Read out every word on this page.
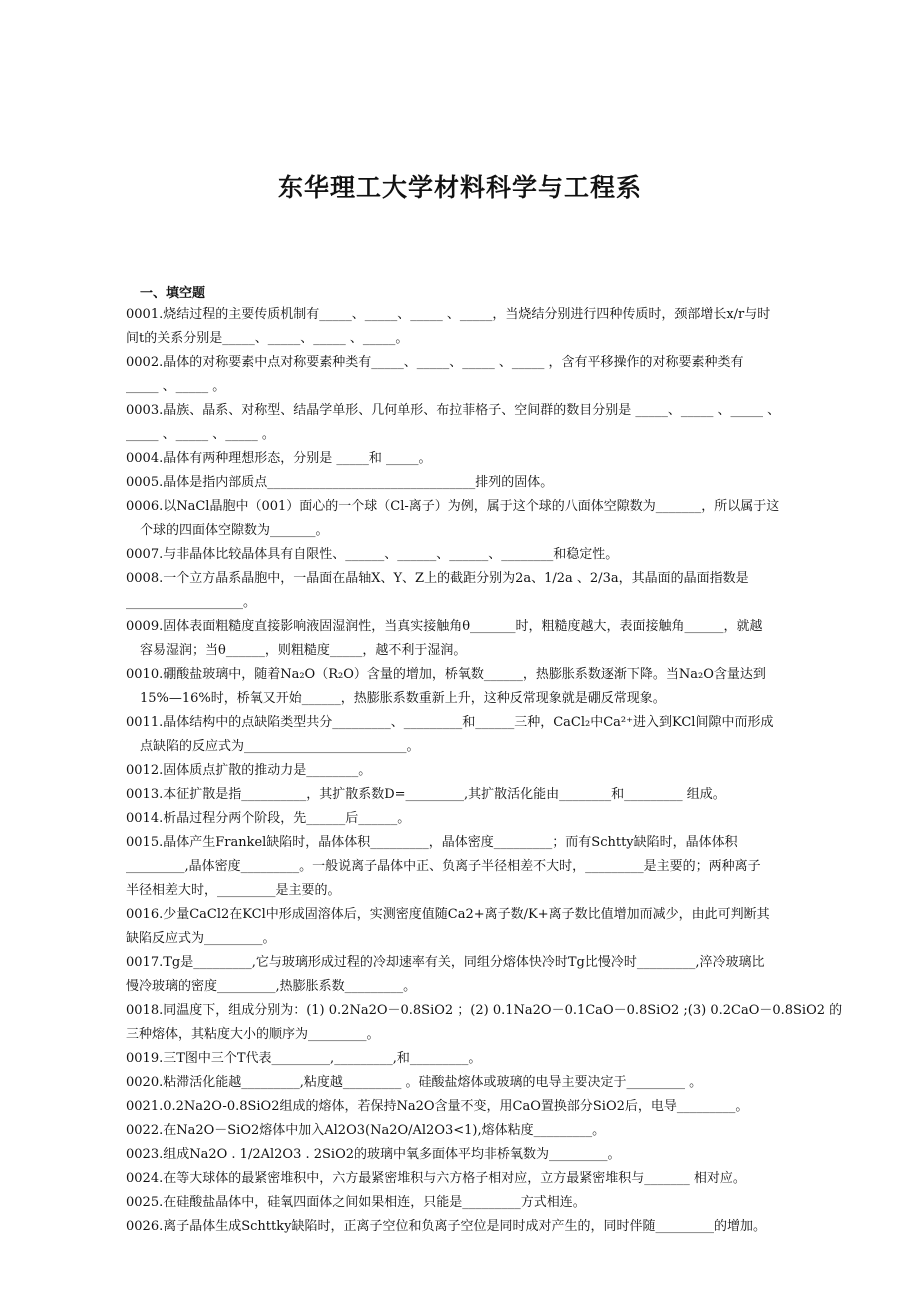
东华理工大学材料科学与工程系
一、填空题

0001.烧结过程的主要传质机制有_____、_____、_____ 、_____，当烧结分别进行四种传质时，颈部增长x/r与时
间t的关系分别是_____、_____、_____ 、_____。

0002.晶体的对称要素中点对称要素种类有_____、_____、_____ 、_____ ，含有平移操作的对称要素种类有
_____ 、_____ 。

0003.晶族、晶系、对称型、结晶学单形、几何单形、布拉菲格子、空间群的数目分别是 _____、_____ 、_____ 、
_____ 、_____ 、_____ 。

0004.晶体有两种理想形态，分别是 _____和 _____。

0005.晶体是指内部质点________________________________排列的固体。

0006.以NaCl晶胞中（001）面心的一个球（Cl-离子）为例，属于这个球的八面体空隙数为_______，所以属于这
个球的四面体空隙数为_______。

0007.与非晶体比较晶体具有自限性、______、______、______、________和稳定性。

0008.一个立方晶系晶胞中，一晶面在晶轴X、Y、Z上的截距分别为2a、1/2a 、2/3a，其晶面的晶面指数是__________________。

0009.固体表面粗糙度直接影响液固湿润性，当真实接触角θ_______时，粗糙度越大，表面接触角______，就越
容易湿润；当θ______，则粗糙度_____，越不利于湿润。

0010.硼酸盐玻璃中，随着Na₂O（R₂O）含量的增加，桥氧数______，热膨胀系数逐渐下降。当Na₂O含量达到
15%—16%时，桥氧又开始______，热膨胀系数重新上升，这种反常现象就是硼反常现象。

0011.晶体结构中的点缺陷类型共分_________、_________和______三种，CaCl₂中Ca²⁺进入到KCl间隙中而形成
点缺陷的反应式为_________________________。

0012.固体质点扩散的推动力是________。

0013.本征扩散是指__________，其扩散系数D=_________,其扩散活化能由________和_________ 组成。

0014.析晶过程分两个阶段，先______后______。

0015.晶体产生Frankel缺陷时，晶体体积_________，晶体密度_________；而有Schtty缺陷时，晶体体积
_________,晶体密度_________。一般说离子晶体中正、负离子半径相差不大时，_________是主要的；两种离子
半径相差大时，_________是主要的。

0016.少量CaCl2在KCl中形成固溶体后，实测密度值随Ca2+离子数/K+离子数比值增加而减少，由此可判断其
缺陷反应式为_________。

0017.Tg是_________,它与玻璃形成过程的冷却速率有关，同组分熔体快冷时Tg比慢冷时_________,淬冷玻璃比
慢冷玻璃的密度_________,热膨胀系数_________。

0018.同温度下，组成分别为：(1) 0.2Na2O－0.8SiO2 ；(2) 0.1Na2O－0.1CaO－0.8SiO2 ;(3) 0.2CaO－0.8SiO2 的
三种熔体，其粘度大小的顺序为_________。

0019.三T图中三个T代表_________,_________,和_________。

0020.粘滞活化能越_________,粘度越_________ 。硅酸盐熔体或玻璃的电导主要决定于_________ 。

0021.0.2Na2O-0.8SiO2组成的熔体，若保持Na2O含量不变，用CaO置换部分SiO2后，电导_________。

0022.在Na2O－SiO2熔体中加入Al2O3(Na2O/Al2O3<1),熔体粘度_________。

0023.组成Na2O . 1/2Al2O3 . 2SiO2的玻璃中氧多面体平均非桥氧数为_________。

0024.在等大球体的最紧密堆积中，六方最紧密堆积与六方格子相对应，立方最紧密堆积与_______ 相对应。

0025.在硅酸盐晶体中，硅氧四面体之间如果相连，只能是_________方式相连。

0026.离子晶体生成Schttky缺陷时，正离子空位和负离子空位是同时成对产生的，同时伴随_________的增加。
